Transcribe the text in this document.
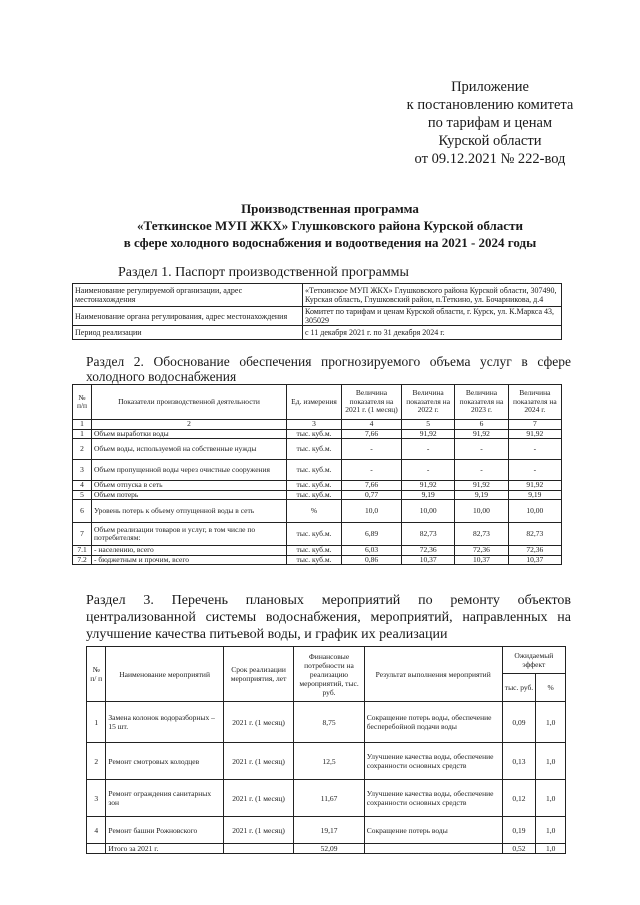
Приложение
к постановлению комитета
по тарифам и ценам
Курской области
от 09.12.2021 № 222-вод
Производственная программа
«Теткинское МУП ЖКХ» Глушковского района Курской области
в сфере холодного водоснабжения и водоотведения на 2021 - 2024 годы
Раздел 1. Паспорт производственной программы
Наименование регулируемой организации, адрес местонахождения	«Теткинское МУП ЖКХ» Глушковского района Курской области, 307490, Курская область, Глушковский район, п.Теткино, ул. Бочарникова, д.4
Наименование органа регулирования, адрес местонахождения	Комитет по тарифам и ценам Курской области, г. Курск, ул. К.Маркса 43, 305029
Период реализации	с 11 декабря 2021 г. по 31 декабря 2024 г.
Раздел 2. Обоснование обеспечения прогнозируемого объема услуг в сфере холодного водоснабжения
№ п/п	Показатели производственной деятельности	Ед. измерения	Величина показателя на 2021 г. (1 месяц)	Величина показателя на 2022 г.	Величина показателя на 2023 г.	Величина показателя на 2024 г.
1	2	3	4	5	6	7
1	Объем выработки воды	тыс. куб.м.	7,66	91,92	91,92	91,92
2	Объем воды, используемой на собственные нужды	тыс. куб.м.	-	-	-	-
3	Объем пропущенной воды через очистные сооружения	тыс. куб.м.	-	-	-	-
4	Объем отпуска в сеть	тыс. куб.м.	7,66	91,92	91,92	91,92
5	Объем потерь	тыс. куб.м.	0,77	9,19	9,19	9,19
6	Уровень потерь к объему отпущенной воды в сеть	%	10,0	10,00	10,00	10,00
7	Объем реализации товаров и услуг, в том числе по потребителям:	тыс. куб.м.	6,89	82,73	82,73	82,73
7.1	- населению, всего	тыс. куб.м.	6,03	72,36	72,36	72,36
7.2	- бюджетным и прочим, всего	тыс. куб.м.	0,86	10,37	10,37	10,37
Раздел 3. Перечень плановых мероприятий по ремонту объектов централизованной системы водоснабжения, мероприятий, направленных на улучшение качества питьевой воды, и график их реализации
№ п/ п	Наименование мероприятий	Срок реализации мероприятия, лет	Финансовые потребности на реализацию мероприятий, тыс. руб.	Результат выполнения мероприятий	Ожидаемый эффект	
					тыс. руб.	%
1	Замена колонок водоразборных – 15 шт.	2021 г. (1 месяц)	8,75	Сокращение потерь воды, обеспечение бесперебойной подачи воды	0,09	1,0
2	Ремонт смотровых колодцев	2021 г. (1 месяц)	12,5	Улучшение качества воды, обеспечение сохранности основных средств	0,13	1,0
3	Ремонт ограждения санитарных зон	2021 г. (1 месяц)	11,67	Улучшение качества воды, обеспечение сохранности основных средств	0,12	1,0
4	Ремонт башни Рожновского	2021 г. (1 месяц)	19,17	Сокращение потерь воды	0,19	1,0
	Итого за 2021 г.		52,09		0,52	1,0
